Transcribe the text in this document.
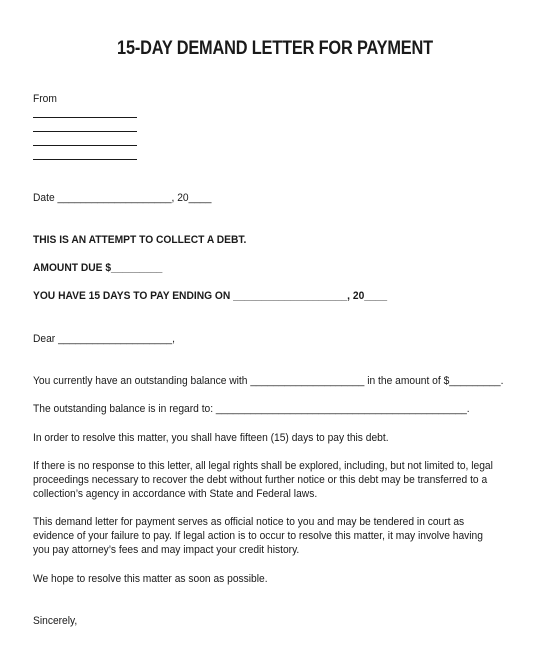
15-DAY DEMAND LETTER FOR PAYMENT
From
Date ____________________, 20____
THIS IS AN ATTEMPT TO COLLECT A DEBT.
AMOUNT DUE $_________
YOU HAVE 15 DAYS TO PAY ENDING ON ____________________, 20____
Dear ____________________,
You currently have an outstanding balance with ____________________ in the amount of $_________.
The outstanding balance is in regard to: ____________________________________________.
In order to resolve this matter, you shall have fifteen (15) days to pay this debt.
If there is no response to this letter, all legal rights shall be explored, including, but not limited to, legal
proceedings necessary to recover the debt without further notice or this debt may be transferred to a
collection’s agency in accordance with State and Federal laws.
This demand letter for payment serves as official notice to you and may be tendered in court as
evidence of your failure to pay. If legal action is to occur to resolve this matter, it may involve having
you pay attorney’s fees and may impact your credit history.
We hope to resolve this matter as soon as possible.
Sincerely,
